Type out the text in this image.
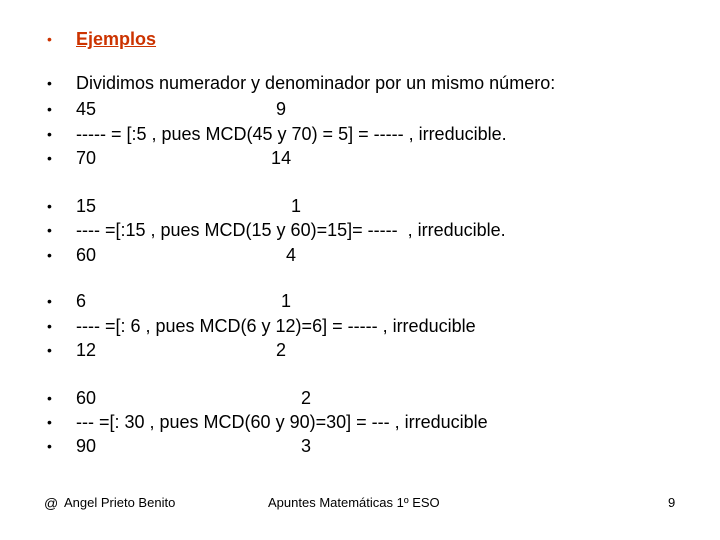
•

Ejemplos

•

Dividimos numerador y denominador por un mismo número:

•

45                                    9

•

----- = [:5 , pues MCD(45 y 70) = 5] = ----- , irreducible.

•

70                                   14

•

15                                       1

•

---- =[:15 , pues MCD(15 y 60)=15]= -----  , irreducible.

•

60                                      4

•

6                                       1

•

---- =[: 6 , pues MCD(6 y 12)=6] = ----- , irreducible

•

12                                    2

•

60                                         2

•

--- =[: 30 , pues MCD(60 y 90)=30] = --- , irreducible

•

90                                         3

@ Angel Prieto Benito	Apuntes Matemáticas 1º ESO	9
